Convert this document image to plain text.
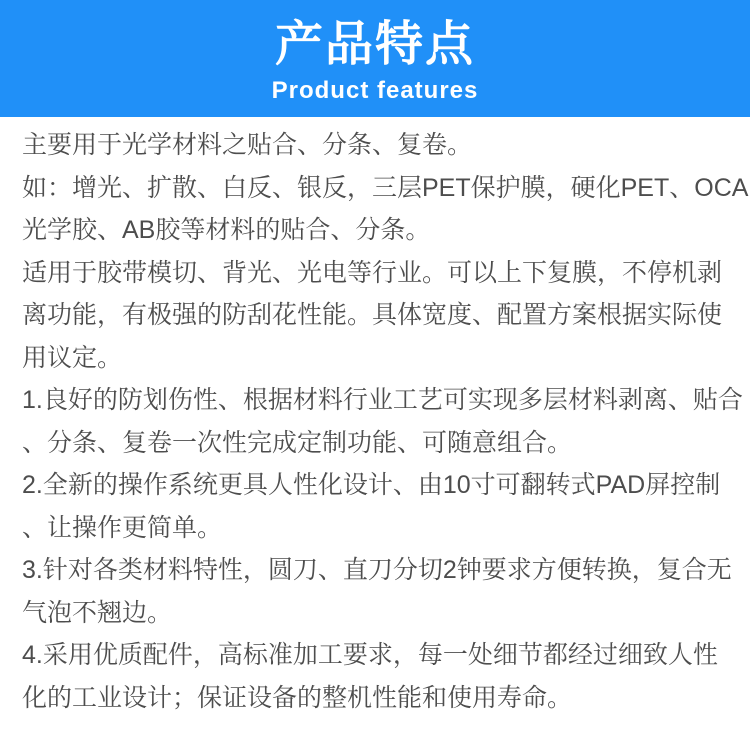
产品特点
Product features

主要用于光学材料之贴合、分条、复卷。

如：增光、扩散、白反、银反，三层PET保护膜，硬化PET、OCA
光学胶、AB胶等材料的贴合、分条。

适用于胶带模切、背光、光电等行业。可以上下复膜，不停机剥
离功能，有极强的防刮花性能。具体宽度、配置方案根据实际使
用议定。

1.良好的防划伤性、根据材料行业工艺可实现多层材料剥离、贴合
、分条、复卷一次性完成定制功能、可随意组合。

2.全新的操作系统更具人性化设计、由10寸可翻转式PAD屏控制
、让操作更简单。

3.针对各类材料特性，圆刀、直刀分切2钟要求方便转换，复合无
气泡不翘边。

4.采用优质配件，高标准加工要求，每一处细节都经过细致人性
化的工业设计；保证设备的整机性能和使用寿命。
